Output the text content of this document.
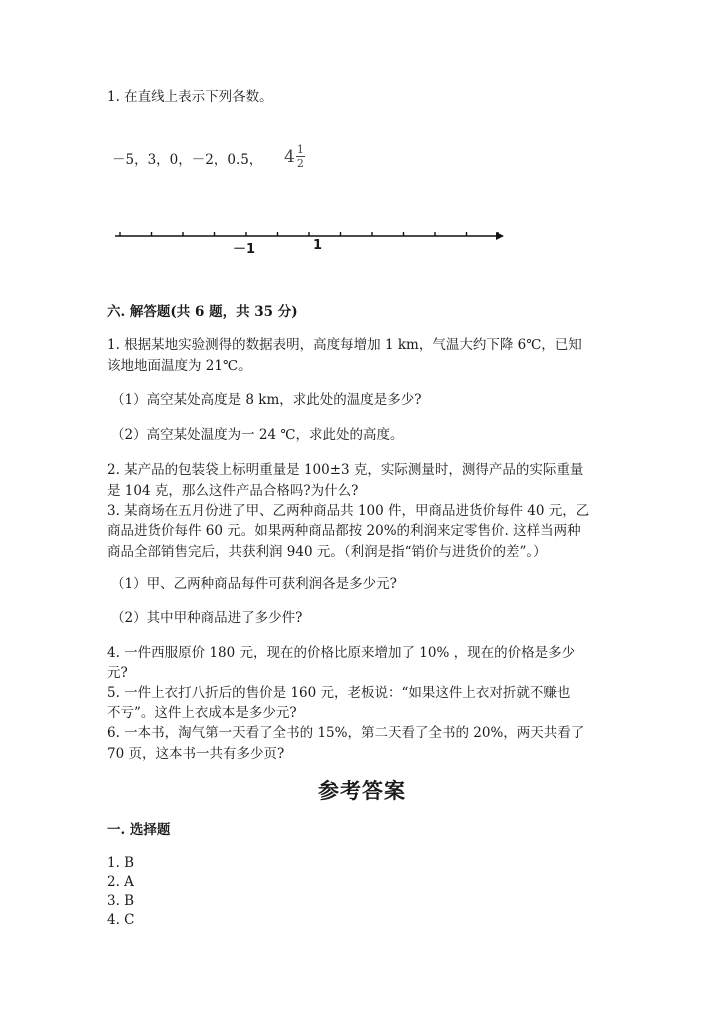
1. 在直线上表示下列各数。
－5，3，0，－2，0.5， 4 1
2
－1	1
六. 解答题(共 6 题，共 35 分)
1. 根据某地实验测得的数据表明，高度每增加 1 km，气温大约下降 6℃，已知
该地地面温度为 21℃。
（1）高空某处高度是 8 km，求此处的温度是多少?
（2）高空某处温度为一 24 ℃，求此处的高度。
2. 某产品的包装袋上标明重量是 100±3 克，实际测量时，测得产品的实际重量
是 104 克，那么这件产品合格吗?为什么?
3. 某商场在五月份进了甲、乙两种商品共 100 件，甲商品进货价每件 40 元，乙
商品进货价每件 60 元。如果两种商品都按 20%的利润来定零售价. 这样当两种
商品全部销售完后，共获利润 940 元。（利润是指“销价与进货价的差”。）
（1）甲、乙两种商品每件可获利润各是多少元?
（2）其中甲种商品进了多少件?
4. 一件西服原价 180 元，现在的价格比原来增加了 10% ，现在的价格是多少
元?
5. 一件上衣打八折后的售价是 160 元，老板说：“如果这件上衣对折就不赚也
不亏”。这件上衣成本是多少元?
6. 一本书，淘气第一天看了全书的 15%，第二天看了全书的 20%，两天共看了
70 页，这本书一共有多少页?
参考答案
一. 选择题
1. B
2. A
3. B
4. C
